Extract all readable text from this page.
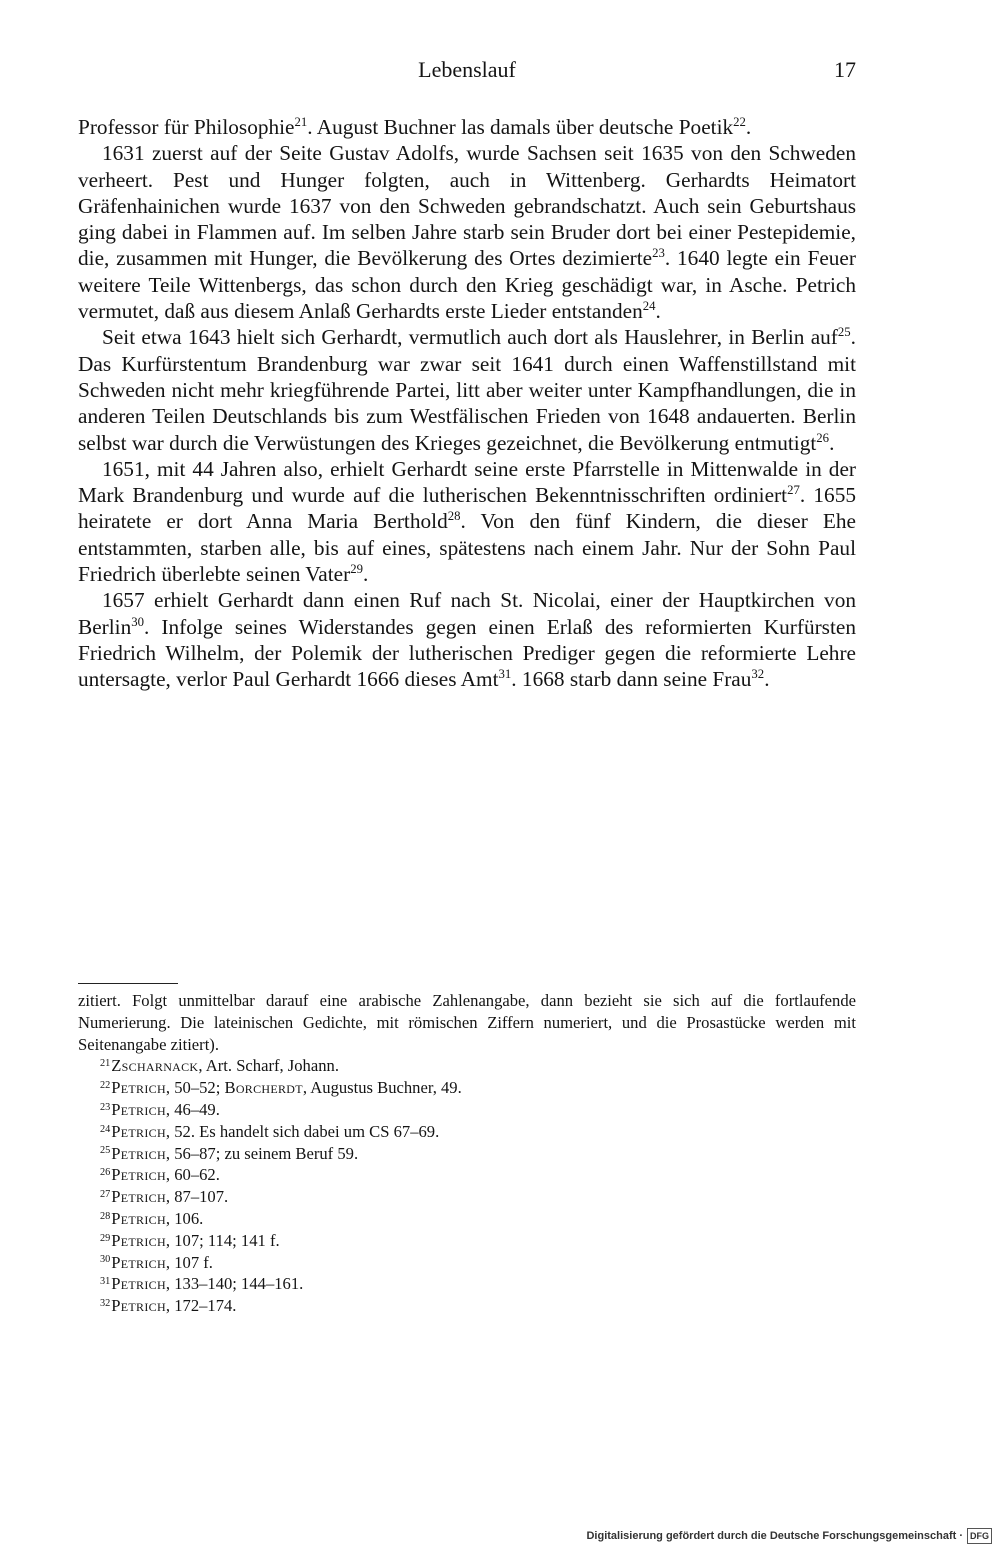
Lebenslauf	17

Professor für Philosophie$^{21}$. August Buchner las damals über deutsche Poetik$^{22}$.

1631 zuerst auf der Seite Gustav Adolfs, wurde Sachsen seit 1635 von den Schweden verheert. Pest und Hunger folgten, auch in Wittenberg. Gerhardts Heimatort Gräfenhainichen wurde 1637 von den Schweden gebrandschatzt. Auch sein Geburtshaus ging dabei in Flammen auf. Im selben Jahre starb sein Bruder dort bei einer Pestepidemie, die, zusammen mit Hunger, die Bevölkerung des Ortes dezimierte$^{23}$. 1640 legte ein Feuer weitere Teile Wittenbergs, das schon durch den Krieg geschädigt war, in Asche. Petrich vermutet, daß aus diesem Anlaß Gerhardts erste Lieder entstanden$^{24}$.

Seit etwa 1643 hielt sich Gerhardt, vermutlich auch dort als Hauslehrer, in Berlin auf$^{25}$. Das Kurfürstentum Brandenburg war zwar seit 1641 durch einen Waffenstillstand mit Schweden nicht mehr kriegführende Partei, litt aber weiter unter Kampfhandlungen, die in anderen Teilen Deutschlands bis zum Westfälischen Frieden von 1648 andauerten. Berlin selbst war durch die Verwüstungen des Krieges gezeichnet, die Bevölkerung entmutigt$^{26}$.

1651, mit 44 Jahren also, erhielt Gerhardt seine erste Pfarrstelle in Mittenwalde in der Mark Brandenburg und wurde auf die lutherischen Bekenntnisschriften ordiniert$^{27}$. 1655 heiratete er dort Anna Maria Berthold$^{28}$. Von den fünf Kindern, die dieser Ehe entstammten, starben alle, bis auf eines, spätestens nach einem Jahr. Nur der Sohn Paul Friedrich überlebte seinen Vater$^{29}$.

1657 erhielt Gerhardt dann einen Ruf nach St. Nicolai, einer der Hauptkirchen von Berlin$^{30}$. Infolge seines Widerstandes gegen einen Erlaß des reformierten Kurfürsten Friedrich Wilhelm, der Polemik der lutherischen Prediger gegen die reformierte Lehre untersagte, verlor Paul Gerhardt 1666 dieses Amt$^{31}$. 1668 starb dann seine Frau$^{32}$.

zitiert. Folgt unmittelbar darauf eine arabische Zahlenangabe, dann bezieht sie sich auf die fortlaufende Numerierung. Die lateinischen Gedichte, mit römischen Ziffern numeriert, und die Prosastücke werden mit Seitenangabe zitiert).

21Zscharnack, Art. Scharf, Johann.

22Petrich, 50–52; Borcherdt, Augustus Buchner, 49.

23Petrich, 46–49.

24Petrich, 52. Es handelt sich dabei um CS 67–69.

25Petrich, 56–87; zu seinem Beruf 59.

26Petrich, 60–62.

27Petrich, 87–107.

28Petrich, 106.

29Petrich, 107; 114; 141 f.

30Petrich, 107 f.

31Petrich, 133–140; 144–161.

32Petrich, 172–174.

Digitalisierung gefördert durch die Deutsche Forschungsgemeinschaft · DFG
